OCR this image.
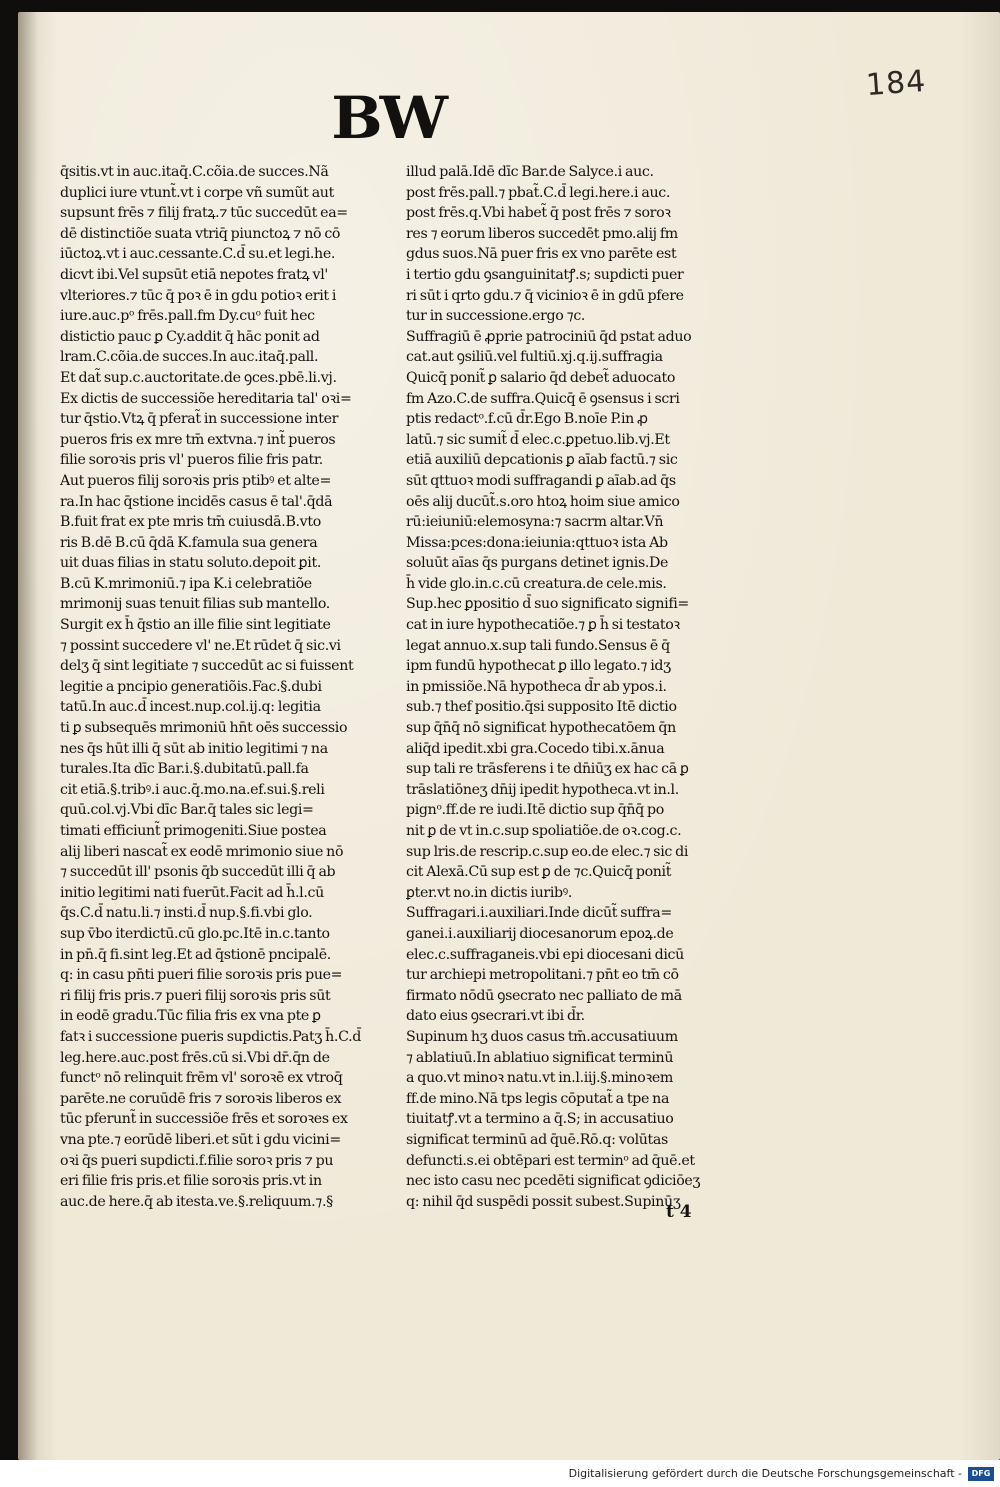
184
BW
q̄sitis.vt in auc.itaq̄.C.cõia.de succes.Nã
duplici iure vtunt̃.vt i corpe vñ sumũt aut
supsunt frēs ⁊ filij fratꝝ.⁊ tūc succedūt ea=
dē distinctiõe suata vtriq̄ piunctoꝝ ⁊ nō cō
iūctoꝝ.vt i auc.cessante.C.d̄ su.et legi.he.
dicvt ibi.Vel supsūt etiā nepotes fratꝝ vl'
vlteriores.⁊ tūc q̄ poꝛ ē in gdu potioꝛ erit i
iure.auc.pᵒ frēs.pall.fm Dy.cuᵒ fuit hec
distictio pauc ꝑ Cy.addit q̄ hāc ponit ad
lram.C.cõia.de succes.In auc.itaq̄.pall.
Et dat̃ sup.c.auctoritate.de ꝯces.pbē.li.vj.
Ex dictis de successiõe hereditaria tal' oꝛi=
tur q̄stio.Vtꝝ q̄ pferat̃ in successione inter
pueros fris ex mre tm̄ extvna.⁊ int̃ pueros
filie soroꝛis pris vl' pueros filie fris patr.
Aut pueros filij soroꝛis pris ptibꝰ et alte=
ra.In hac q̄stione incidēs casus ē tal'.q̄dā
B.fuit frat ex pte mris tm̄ cuiusdā.B.vto
ris B.dē B.cū q̄dā K.famula sua genera
uit duas filias in statu soluto.depoit ꝑit.
B.cū K.mrimoniū.⁊ ipa K.i celebratiõe
mrimonij suas tenuit filias sub mantello.
Surgit ex h̄ q̄stio an ille filie sint legitiate
⁊ possint succedere vl' ne.Et rūdet q̄ sic.vi
delʒ q̄ sint legitiate ⁊ succedūt ac si fuissent
legitie a pncipio generatiõis.Fac.§.dubi
tatū.In auc.d̄ incest.nup.col.ij.q: legitia
ti ꝑ subsequēs mrimoniū hn̄t oēs successio
nes q̄s hūt illi q̄ sūt ab initio legitimi ⁊ na
turales.Ita dīc Bar.i.§.dubitatū.pall.fa
cit etiā.§.tribꝰ.i auc.q̄.mo.na.ef.sui.§.reli
quū.col.vj.Vbi dīc Bar.q̄ tales sic legi=
timati efficiunt̃ primogeniti.Siue postea
alij liberi nascat̃ ex eodē mrimonio siue nō
⁊ succedūt ill' psonis q̄b succedūt illi q̄ ab
initio legitimi nati fuerūt.Facit ad h̄.l.cū
q̄s.C.d̄ natu.li.⁊ insti.d̄ nup.§.fi.vbi glo.
sup v̄bo iterdictū.cū glo.pc.Itē in.c.tanto
in pn̄.q̄ fi.sint leg.Et ad q̄stionē pncipalē.
q: in casu pn̄ti pueri filie soroꝛis pris pue=
ri filij fris pris.⁊ pueri filij soroꝛis pris sūt
in eodē gradu.Tūc filia fris ex vna pte ꝑ
fatꝛ i successione pueris supdictis.Patʒ h̄.C.d̄
leg.here.auc.post frēs.cū si.Vbi dr̄.q̄n de
functᵒ nō relinquit frēm vl' soroꝛē ex vtroq̄
parēte.ne coruūdē fris ⁊ soroꝛis liberos ex
tūc pferunt̃ in successiõe frēs et soroꝛes ex
vna pte.⁊ eorūdē liberi.et sūt i gdu vicini=
oꝛi q̄s pueri supdicti.f.filie soroꝛ pris ⁊ pu
eri filie fris pris.et filie soroꝛis pris.vt in
auc.de here.q̄ ab itesta.ve.§.reliquum.⁊.§
illud palā.Idē dīc Bar.de Salyce.i auc.
post frēs.pall.⁊ pbat̃.C.d̄ legi.here.i auc.
post frēs.q.Vbi habet̃ q̄ post frēs ⁊ soroꝛ
res ⁊ eorum liberos succedēt pmo.alij fm
gdus suos.Nā puer fris ex vno parēte est
i tertio gdu ꝯsanguinitatꝭ.s; supdicti puer
ri sūt i qrto gdu.⁊ q̄ vicinioꝛ ē in gdū pfere
tur in successione.ergo ⁊c.
Suffragiū ē ꝓprie patrociniū q̄d pstat aduo
cat.aut ꝯsiliū.vel fultiū.xj.q.ij.suffragia
Quicq̄ ponit̃ ꝑ salario q̄d debet̃ aduocato
fm Azo.C.de suffra.Quicq̄ ē ꝯsensus i scri
ptis redactᵒ.f.cū d̄r.Ego B.noīe P.in ꝓ
latū.⁊ sic sumit̃ d̄ elec.c.ꝑpetuo.lib.vj.Et
etiā auxiliū depcationis ꝑ aīab factū.⁊ sic
sūt qttuoꝛ modi suffragandi ꝑ aīab.ad q̄s
oēs alij ducūt̃.s.oro htoꝝ hoim siue amico
rū:ieiuniū:elemosyna:⁊ sacrm altar.Vn̄
Missa:pces:dona:ieiunia:qttuoꝛ ista Ab
soluūt aīas q̄s purgans detinet ignis.De
h̄ vide glo.in.c.cū creatura.de cele.mis.
Sup.hec ꝑpositio d̄ suo significato signifi=
cat in iure hypothecatiõe.⁊ ꝑ h̄ si testatoꝛ
legat annuo.x.sup tali fundo.Sensus ē q̄
ipm fundū hypothecat ꝑ illo legato.⁊ idʒ
in pmissiõe.Nā hypotheca d̄r ab ypos.i.
sub.⁊ thef positio.q̄si supposito Itē dictio
sup q̄n̄q̄ nō significat hypothecatōem q̄n
aliq̄d ipedit.xbi gra.Cocedo tibi.x.ānua
sup tali re trāsferens i te dn̄iūʒ ex hac cā ꝑ
trāslatiōneʒ dn̄ij ipedit hypotheca.vt in.l.
pignᵒ.ff.de re iudi.Itē dictio sup q̄n̄q̄ po
nit ꝑ de vt in.c.sup spoliatiõe.de oꝛ.cog.c.
sup lris.de rescrip.c.sup eo.de elec.⁊ sic di
cit Alexā.Cū sup est ꝑ de ⁊c.Quicq̄ ponit̃
ꝑter.vt no.in dictis iuribꝰ.
Suffragari.i.auxiliari.Inde dicūt̃ suffra=
ganei.i.auxiliarij diocesanorum epoꝝ.de
elec.c.suffraganeis.vbi epi diocesani dicū
tur archiepi metropolitani.⁊ pn̄t eo tm̄ cō
firmato nōdū ꝯsecrato nec palliato de mā
dato eius ꝯsecrari.vt ibi d̄r.
Supinum hʒ duos casus tm̄.accusatiuum
⁊ ablatiuū.In ablatiuo significat terminū
a quo.vt minoꝛ natu.vt in.l.iij.§.minoꝛem
ff.de mino.Nā tps legis cōputat̃ a tpe na
tiuitatꝭ.vt a termino a q̄.S; in accusatiuo
significat terminū ad q̄uē.Rō.q: volūtas
defuncti.s.ei obtēpari est terminᵒ ad q̄uē.et
nec isto casu nec pcedēti significat ꝯdiciōeʒ
q: nihil q̄d suspēdi possit subest.Supinūʒ
t 4
Digitalisierung gefördert durch die Deutsche Forschungsgemeinschaft -	DFG
